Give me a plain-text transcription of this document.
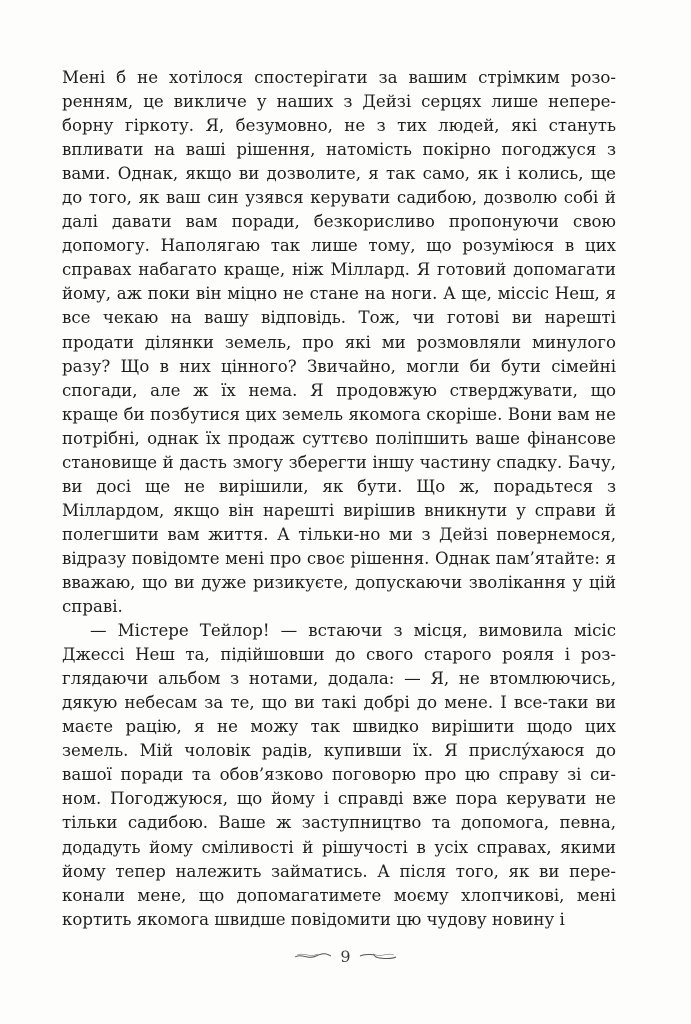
Мені б не хотілося спостерігати за вашим стрімким розоренням, це викличе у наших з Дейзі серцях лише непереборну гіркоту. Я, безумовно, не з тих людей, які стануть впливати на ваші рішення, натомість покірно погоджуся з вами. Однак, якщо ви дозволите, я так само, як і колись, ще до того, як ваш син узявся керувати садибою, дозволю собі й далі давати вам поради, безкорисливо пропонуючи свою допомогу. Наполягаю так лише тому, що розуміюся в цих справах набагато краще, ніж Міллард. Я готовий допомагати йому, аж поки він міцно не стане на ноги. А ще, міссіс Неш, я все чекаю на вашу відповідь. Тож, чи готові ви нарешті продати ділянки земель, про які ми розмовляли минулого разу? Що в них цінного? Звичайно, могли би бути сімейні спогади, але ж їх нема. Я продовжую стверджувати, що краще би позбутися цих земель якомога скоріше. Вони вам не потрібні, однак їх продаж суттєво поліпшить ваше фінансове становище й дасть змогу зберегти іншу частину спадку. Бачу, ви досі ще не вирішили, як бути. Що ж, порадьтеся з Міллардом, якщо він нарешті вирішив вникнути у справи й полегшити вам життя. А тільки-но ми з Дейзі повернемося, відразу повідомте мені про своє рішення. Однак пам’ятайте: я вважаю, що ви дуже ризикуєте, допускаючи зволікання у цій справі.

— Містере Тейлор! — встаючи з місця, вимовила місіс Джессі Неш та, підійшовши до свого старого рояля і розглядаючи альбом з нотами, додала: — Я, не втомлюючись, дякую небесам за те, що ви такі добрі до мене. І все-таки ви маєте рацію, я не можу так швидко вирішити щодо цих земель. Мій чоловік радів, купивши їх. Я прислу́хаюся до вашої поради та обов’язково поговорю про цю справу зі сином. Погоджуюся, що йому і справді вже пора керувати не тільки садибою. Ваше ж заступництво та допомога, певна, додадуть йому сміливості й рішучості в усіх справах, якими йому тепер належить займатись. А після того, як ви переконали мене, що допомагатимете моєму хлопчикові, мені кортить якомога швидше повідомити цю чудову новину і

9
